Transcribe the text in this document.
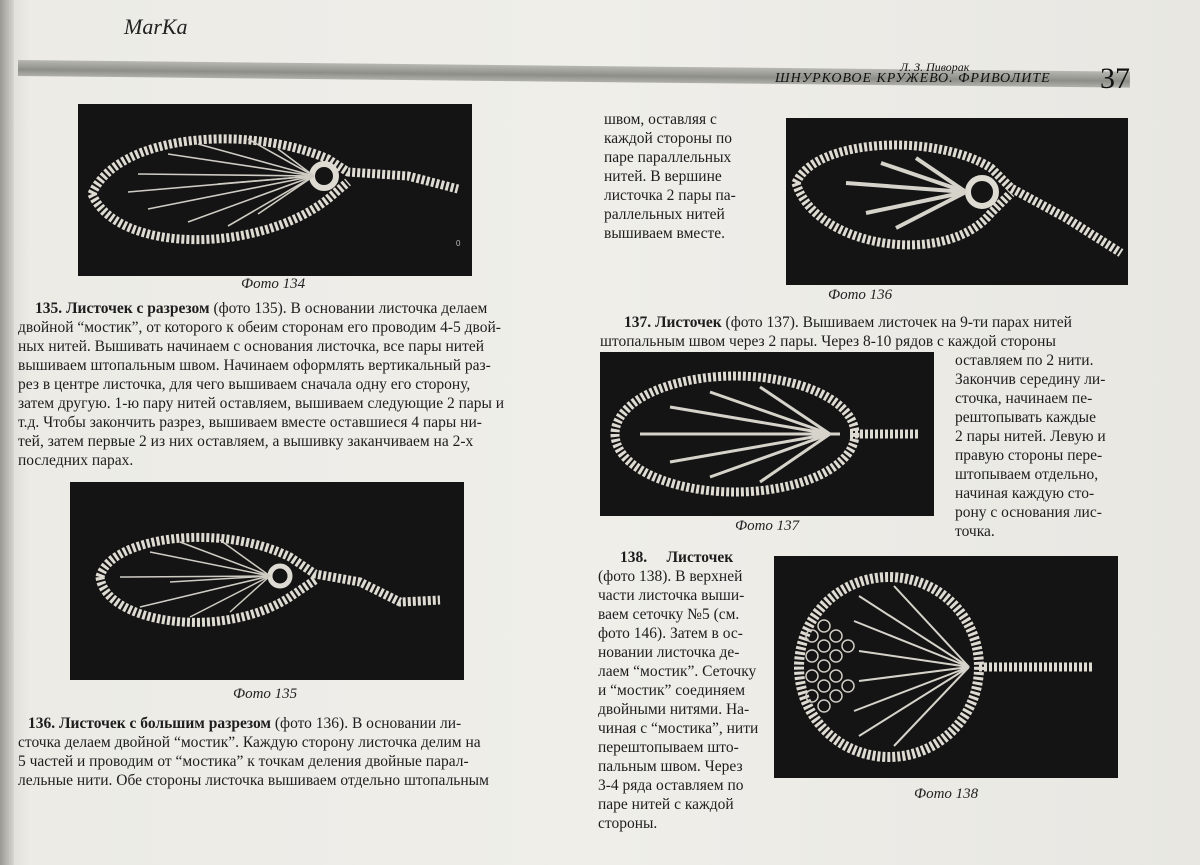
MarKa
Л. З. Пиворак
ШНУРКОВОЕ КРУЖЕВО. ФРИВОЛИТЕ 37
0
Фото 134
135. Листочек с разрезом (фото 135). В основании листочка делаем
двойной “мостик”, от которого к обеим сторонам его проводим 4-5 двой-
ных нитей. Вышивать начинаем с основания листочка, все пары нитей
вышиваем штопальным швом. Начинаем оформлять вертикальный раз-
рез в центре листочка, для чего вышиваем сначала одну его сторону,
затем другую. 1-ю пару нитей оставляем, вышиваем следующие 2 пары и
т.д. Чтобы закончить разрез, вышиваем вместе оставшиеся 4 пары ни-
тей, затем первые 2 из них оставляем, а вышивку заканчиваем на 2-х
последних парах.
Фото 135
136. Листочек с большим разрезом (фото 136). В основании ли-
сточка делаем двойной “мостик”. Каждую сторону листочка делим на
5 частей и проводим от “мостика” к точкам деления двойные парал-
лельные нити. Обе стороны листочка вышиваем отдельно штопальным
швом, оставляя с
каждой стороны по
паре параллельных
нитей. В вершине
листочка 2 пары па-
раллельных нитей
вышиваем вместе.
Фото 136
137. Листочек (фото 137). Вышиваем листочек на 9-ти парах нитей
штопальным швом через 2 пары. Через 8-10 рядов с каждой стороны
Фото 137
оставляем по 2 нити.
Закончив середину ли-
сточка, начинаем пе-
рештопывать каждые
2 пары нитей. Левую и
правую стороны пере-
штопываем отдельно,
начиная каждую сто-
рону с основания лис-
точка.
138. Листочек
(фото 138). В верхней
части листочка выши-
ваем сеточку №5 (см.
фото 146). Затем в ос-
новании листочка де-
лаем “мостик”. Сеточку
и “мостик” соединяем
двойными нитями. На-
чиная с “мостика”, нити
перештопываем што-
пальным швом. Через
3-4 ряда оставляем по
паре нитей с каждой
стороны.
Фото 138
